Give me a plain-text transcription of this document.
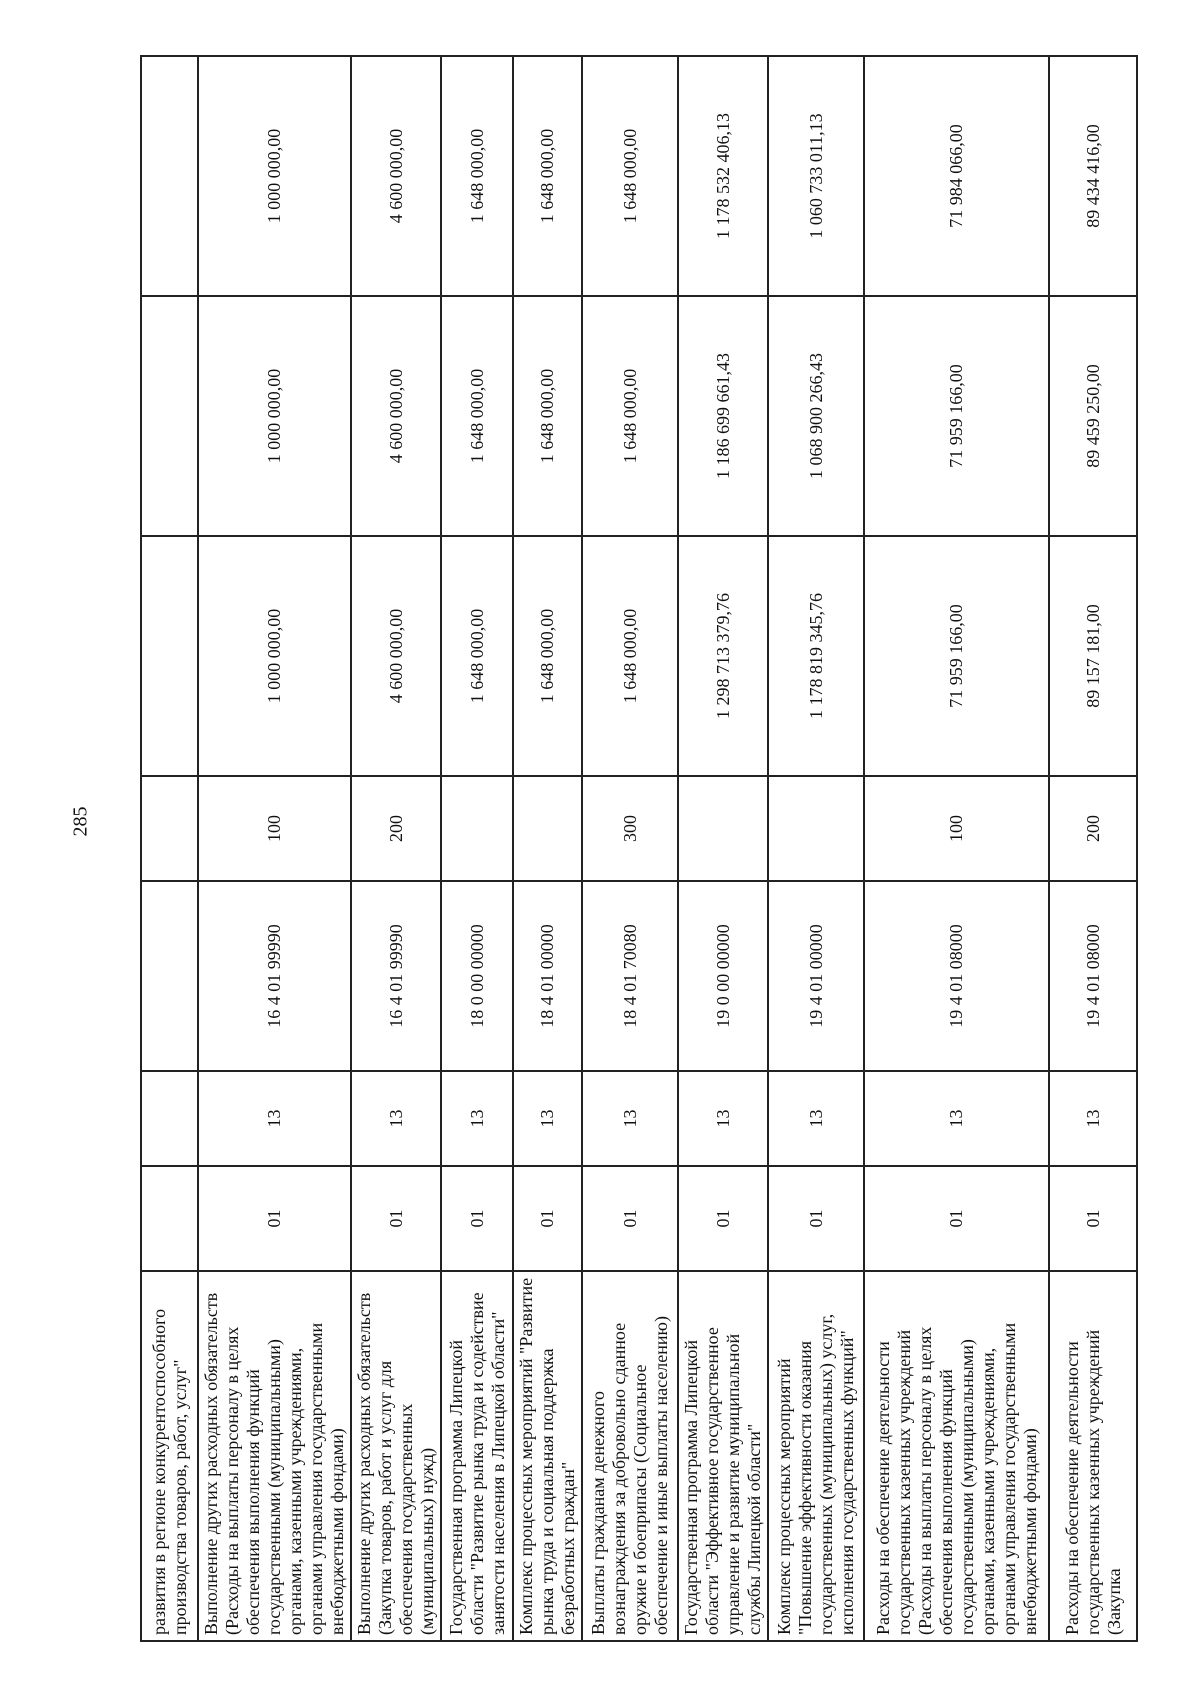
285
развития в регионе конкурентоспособного производства товаров, работ, услуг"							
Выполнение других расходных обязательств (Расходы на выплаты персоналу в целях обеспечения выполнения функций государственными (муниципальными) органами, казенными учреждениями, органами управления государственными внебюджетными фондами)	01	13	16 4 01 99990	100	1 000 000,00	1 000 000,00	1 000 000,00
Выполнение других расходных обязательств (Закупка товаров, работ и услуг для обеспечения государственных (муниципальных) нужд)	01	13	16 4 01 99990	200	4 600 000,00	4 600 000,00	4 600 000,00
Государственная программа Липецкой области "Развитие рынка труда и содействие занятости населения в Липецкой области"	01	13	18 0 00 00000		1 648 000,00	1 648 000,00	1 648 000,00
Комплекс процессных мероприятий "Развитие рынка труда и социальная поддержка безработных граждан"	01	13	18 4 01 00000		1 648 000,00	1 648 000,00	1 648 000,00
Выплаты гражданам денежного вознаграждения за добровольно сданное оружие и боеприпасы (Социальное обеспечение и иные выплаты населению)	01	13	18 4 01 70080	300	1 648 000,00	1 648 000,00	1 648 000,00
Государственная программа Липецкой области "Эффективное государственное управление и развитие муниципальной службы Липецкой области"	01	13	19 0 00 00000		1 298 713 379,76	1 186 699 661,43	1 178 532 406,13
Комплекс процессных мероприятий "Повышение эффективности оказания государственных (муниципальных) услуг, исполнения государственных функций"	01	13	19 4 01 00000		1 178 819 345,76	1 068 900 266,43	1 060 733 011,13
Расходы на обеспечение деятельности государственных казенных учреждений (Расходы на выплаты персоналу в целях обеспечения выполнения функций государственными (муниципальными) органами, казенными учреждениями, органами управления государственными внебюджетными фондами)	01	13	19 4 01 08000	100	71 959 166,00	71 959 166,00	71 984 066,00
Расходы на обеспечение деятельности государственных казенных учреждений (Закупка	01	13	19 4 01 08000	200	89 157 181,00	89 459 250,00	89 434 416,00
